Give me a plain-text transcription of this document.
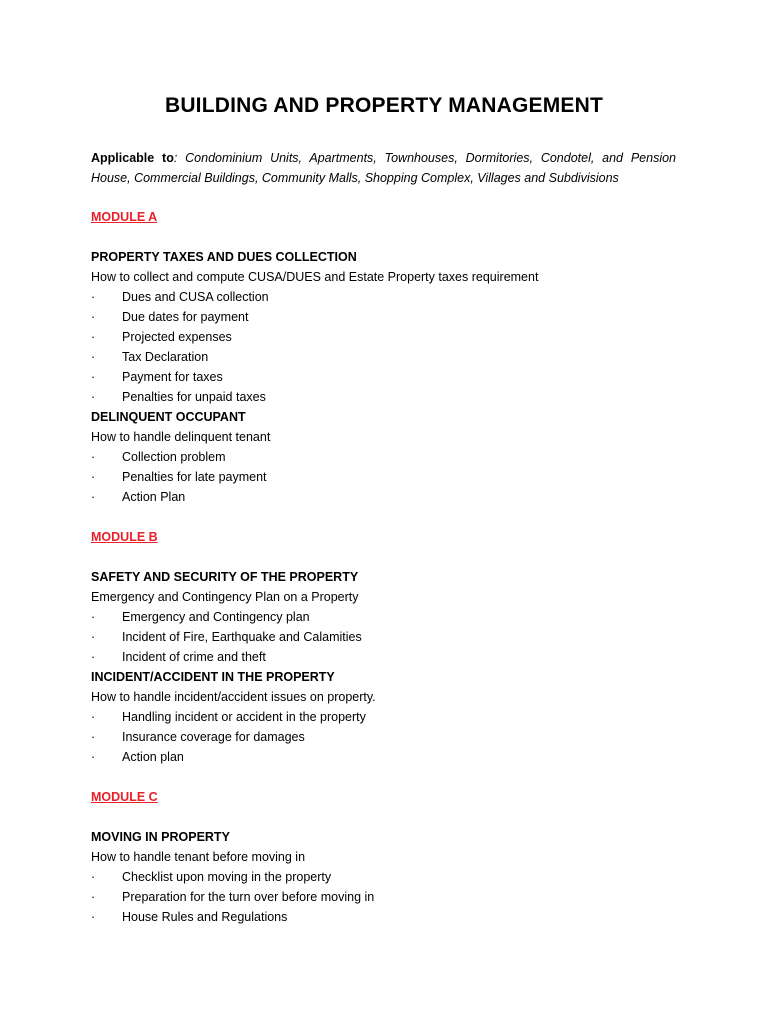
BUILDING AND PROPERTY MANAGEMENT
Applicable to: Condominium Units, Apartments, Townhouses, Dormitories, Condotel, and Pension House, Commercial Buildings, Community Malls, Shopping Complex, Villages and Subdivisions
MODULE A
PROPERTY TAXES AND DUES COLLECTION
How to collect and compute CUSA/DUES and Estate Property taxes requirement
·	Dues and CUSA collection
·	Due dates for payment
·	Projected expenses
·	Tax Declaration
·	Payment for taxes
·	Penalties for unpaid taxes
DELINQUENT OCCUPANT
How to handle delinquent tenant
·	Collection problem
·	Penalties for late payment
·	Action Plan
MODULE B
SAFETY AND SECURITY OF THE PROPERTY
Emergency and Contingency Plan on a Property
·	Emergency and Contingency plan
·	Incident of Fire, Earthquake and Calamities
·	Incident of crime and theft
INCIDENT/ACCIDENT IN THE PROPERTY
How to handle incident/accident issues on property.
·	Handling incident or accident in the property
·	Insurance coverage for damages
·	Action plan
MODULE C
MOVING IN PROPERTY
How to handle tenant before moving in
·	Checklist upon moving in the property
·	Preparation for the turn over before moving in
·	House Rules and Regulations
